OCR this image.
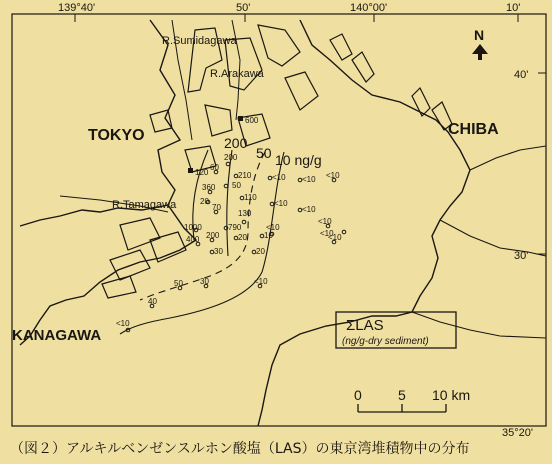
139°40'	50'	140°00'	10'
40'
30'
35°20'
TOKYO	CHIBA
KANAGAWA
R.Sumidagawa
R.Arakawa
R.Tamagawa
200
50 10 ng/g
N
ΣLAS
(ng/g-dry sediment)
0	5 10 km
600
120
60
200
210
50
360
20	110
70
1000	790
130
20
400 200	10
30	20
<10 <10 <10
<10
<10
<10
<10
<10
50 30
40
<10
<10
<10
（図２）アルキルベンゼンスルホン酸塩（LAS）の東京湾堆積物中の分布
